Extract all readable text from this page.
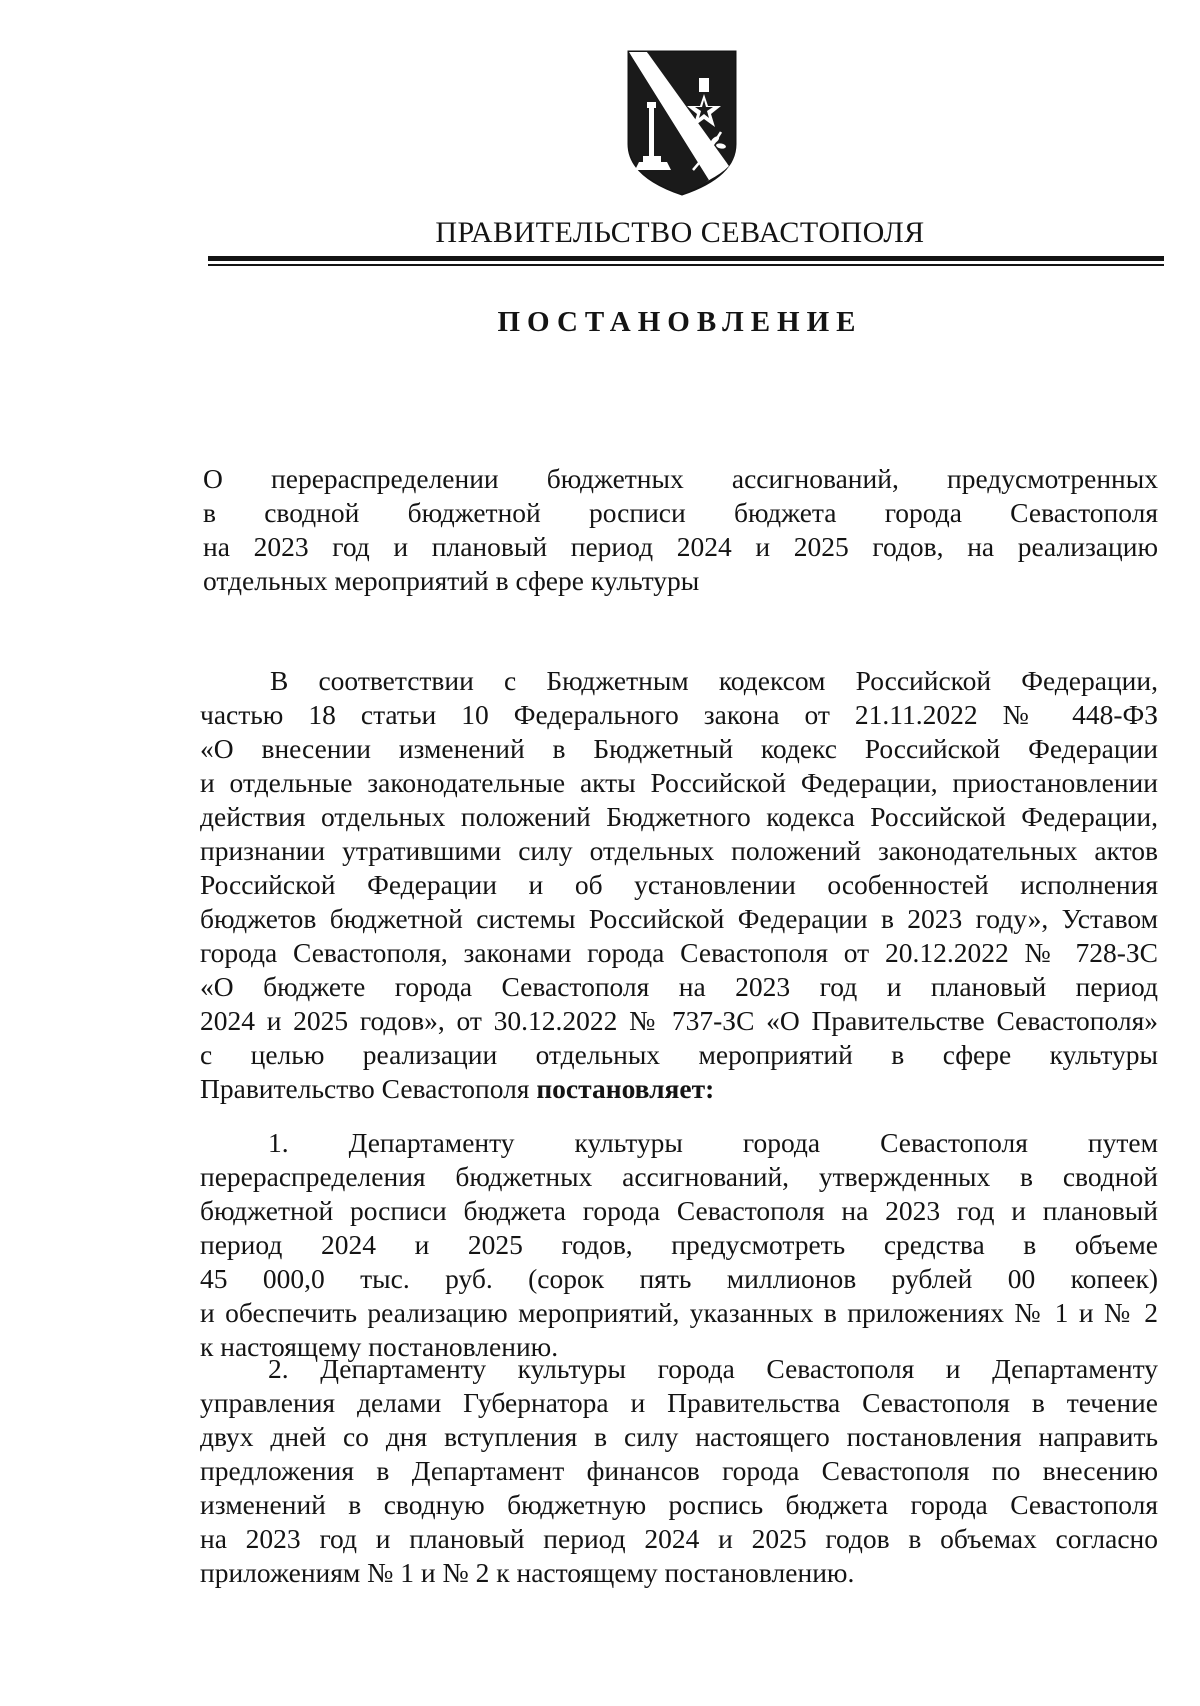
ПРАВИТЕЛЬСТВО СЕВАСТОПОЛЯ
ПОСТАНОВЛЕНИЕ
О перераспределении бюджетных ассигнований, предусмотренных
в сводной бюджетной росписи бюджета города Севастополя
на 2023 год и плановый период 2024 и 2025 годов, на реализацию
отдельных мероприятий в сфере культуры
В соответствии с Бюджетным кодексом Российской Федерации,
частью 18 статьи 10 Федерального закона от 21.11.2022 № 448-ФЗ
«О внесении изменений в Бюджетный кодекс Российской Федерации
и отдельные законодательные акты Российской Федерации, приостановлении
действия отдельных положений Бюджетного кодекса Российской Федерации,
признании утратившими силу отдельных положений законодательных актов
Российской Федерации и об установлении особенностей исполнения
бюджетов бюджетной системы Российской Федерации в 2023 году», Уставом
города Севастополя, законами города Севастополя от 20.12.2022 № 728-ЗС
«О бюджете города Севастополя на 2023 год и плановый период
2024 и 2025 годов», от 30.12.2022 № 737-ЗС «О Правительстве Севастополя»
с целью реализации отдельных мероприятий в сфере культуры
Правительство Севастополя постановляет:
1. Департаменту культуры города Севастополя путем
перераспределения бюджетных ассигнований, утвержденных в сводной
бюджетной росписи бюджета города Севастополя на 2023 год и плановый
период 2024 и 2025 годов, предусмотреть средства в объеме
45 000,0 тыс. руб. (сорок пять миллионов рублей 00 копеек)
и обеспечить реализацию мероприятий, указанных в приложениях № 1 и № 2
к настоящему постановлению.
2. Департаменту культуры города Севастополя и Департаменту
управления делами Губернатора и Правительства Севастополя в течение
двух дней со дня вступления в силу настоящего постановления направить
предложения в Департамент финансов города Севастополя по внесению
изменений в сводную бюджетную роспись бюджета города Севастополя
на 2023 год и плановый период 2024 и 2025 годов в объемах согласно
приложениям № 1 и № 2 к настоящему постановлению.
